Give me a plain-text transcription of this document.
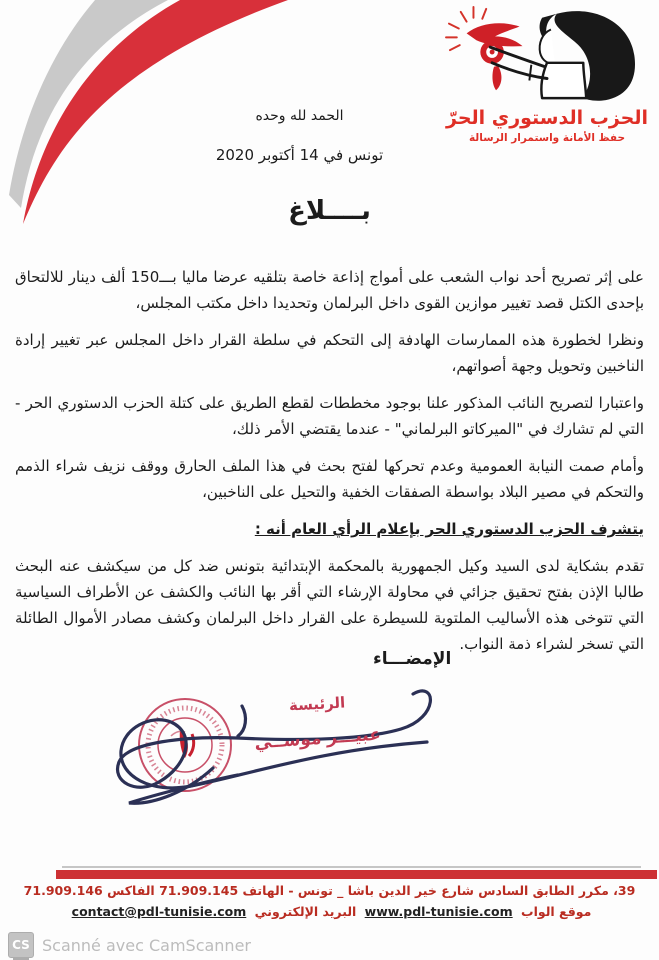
الحزب الدستوري الحرّ
حفظ الأمانة واستمرار الرسالة
الحمد لله وحده
تونس في 14 أكتوبر 2020
بــــلاغ

على إثر تصريح أحد نواب الشعب على أمواج إذاعة خاصة بتلقيه عرضا ماليا بـــ150 ألف دينار للالتحاق بإحدى الكتل قصد تغيير موازين القوى داخل البرلمان وتحديدا داخل مكتب المجلس،

ونظرا لخطورة هذه الممارسات الهادفة إلى التحكم في سلطة القرار داخل المجلس عبر تغيير إرادة الناخبين وتحويل وجهة أصواتهم،

واعتبارا لتصريح النائب المذكور علنا بوجود مخططات لقطع الطريق على كتلة الحزب الدستوري الحر - التي لم تشارك في "الميركاتو البرلماني" - عندما يقتضي الأمر ذلك،

وأمام صمت النيابة العمومية وعدم تحركها لفتح بحث في هذا الملف الحارق ووقف نزيف شراء الذمم والتحكم في مصير البلاد بواسطة الصفقات الخفية والتحيل على الناخبين،

يتشرف الحزب الدستوري الحر بإعلام الرأي العام أنه :

تقدم بشكاية لدى السيد وكيل الجمهورية بالمحكمة الإبتدائية بتونس ضد كل من سيكشف عنه البحث طالبا الإذن بفتح تحقيق جزائي في محاولة الإرشاء التي أقر بها النائب والكشف عن الأطراف السياسية التي تتوخى هذه الأساليب الملتوية للسيطرة على القرار داخل البرلمان وكشف مصادر الأموال الطائلة التي تسخر لشراء ذمة النواب.

الإمضـــاء
الرئيسة
عبيـــر موســي
39، مكرر الطابق السادس شارع خير الدين باشا _ تونس - الهاتف 71.909.145 الفاكس 71.909.146
موقع الواب www.pdl-tunisie.com البريد الإلكتروني contact@pdl-tunisie.com
CS Scanné avec CamScanner
